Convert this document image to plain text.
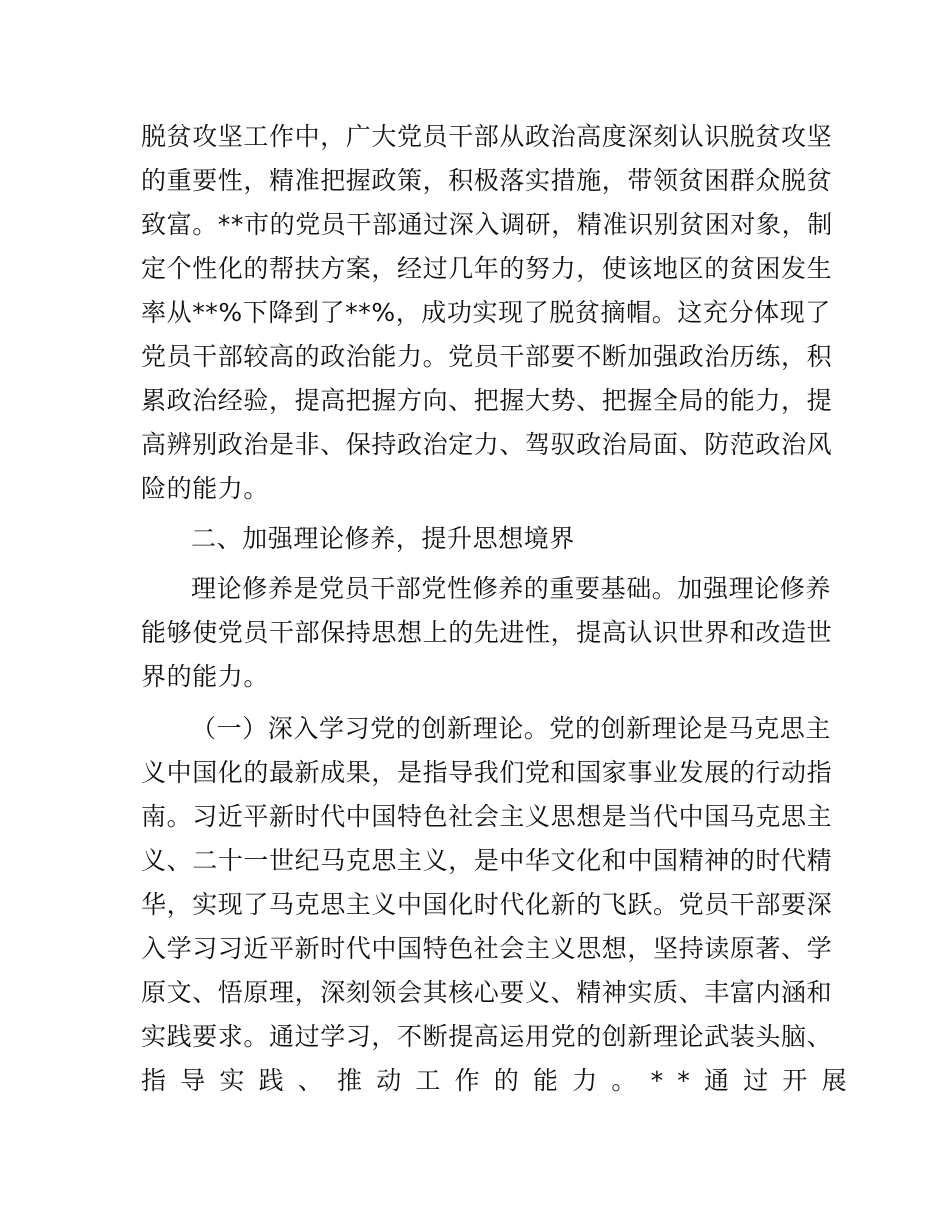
脱贫攻坚工作中，广大党员干部从政治高度深刻认识脱贫攻坚
的重要性，精准把握政策，积极落实措施，带领贫困群众脱贫
致富。**市的党员干部通过深入调研，精准识别贫困对象，制
定个性化的帮扶方案，经过几年的努力，使该地区的贫困发生
率从**%下降到了**%，成功实现了脱贫摘帽。这充分体现了
党员干部较高的政治能力。党员干部要不断加强政治历练，积
累政治经验，提高把握方向、把握大势、把握全局的能力，提
高辨别政治是非、保持政治定力、驾驭政治局面、防范政治风
险的能力。
二、加强理论修养，提升思想境界
理论修养是党员干部党性修养的重要基础。加强理论修养
能够使党员干部保持思想上的先进性，提高认识世界和改造世
界的能力。
（一）深入学习党的创新理论。党的创新理论是马克思主
义中国化的最新成果，是指导我们党和国家事业发展的行动指
南。习近平新时代中国特色社会主义思想是当代中国马克思主
义、二十一世纪马克思主义，是中华文化和中国精神的时代精
华，实现了马克思主义中国化时代化新的飞跃。党员干部要深
入学习习近平新时代中国特色社会主义思想，坚持读原著、学
原文、悟原理，深刻领会其核心要义、精神实质、丰富内涵和
实践要求。通过学习，不断提高运用党的创新理论武装头脑、
指导实践、推动工作的能力。**通过开展
